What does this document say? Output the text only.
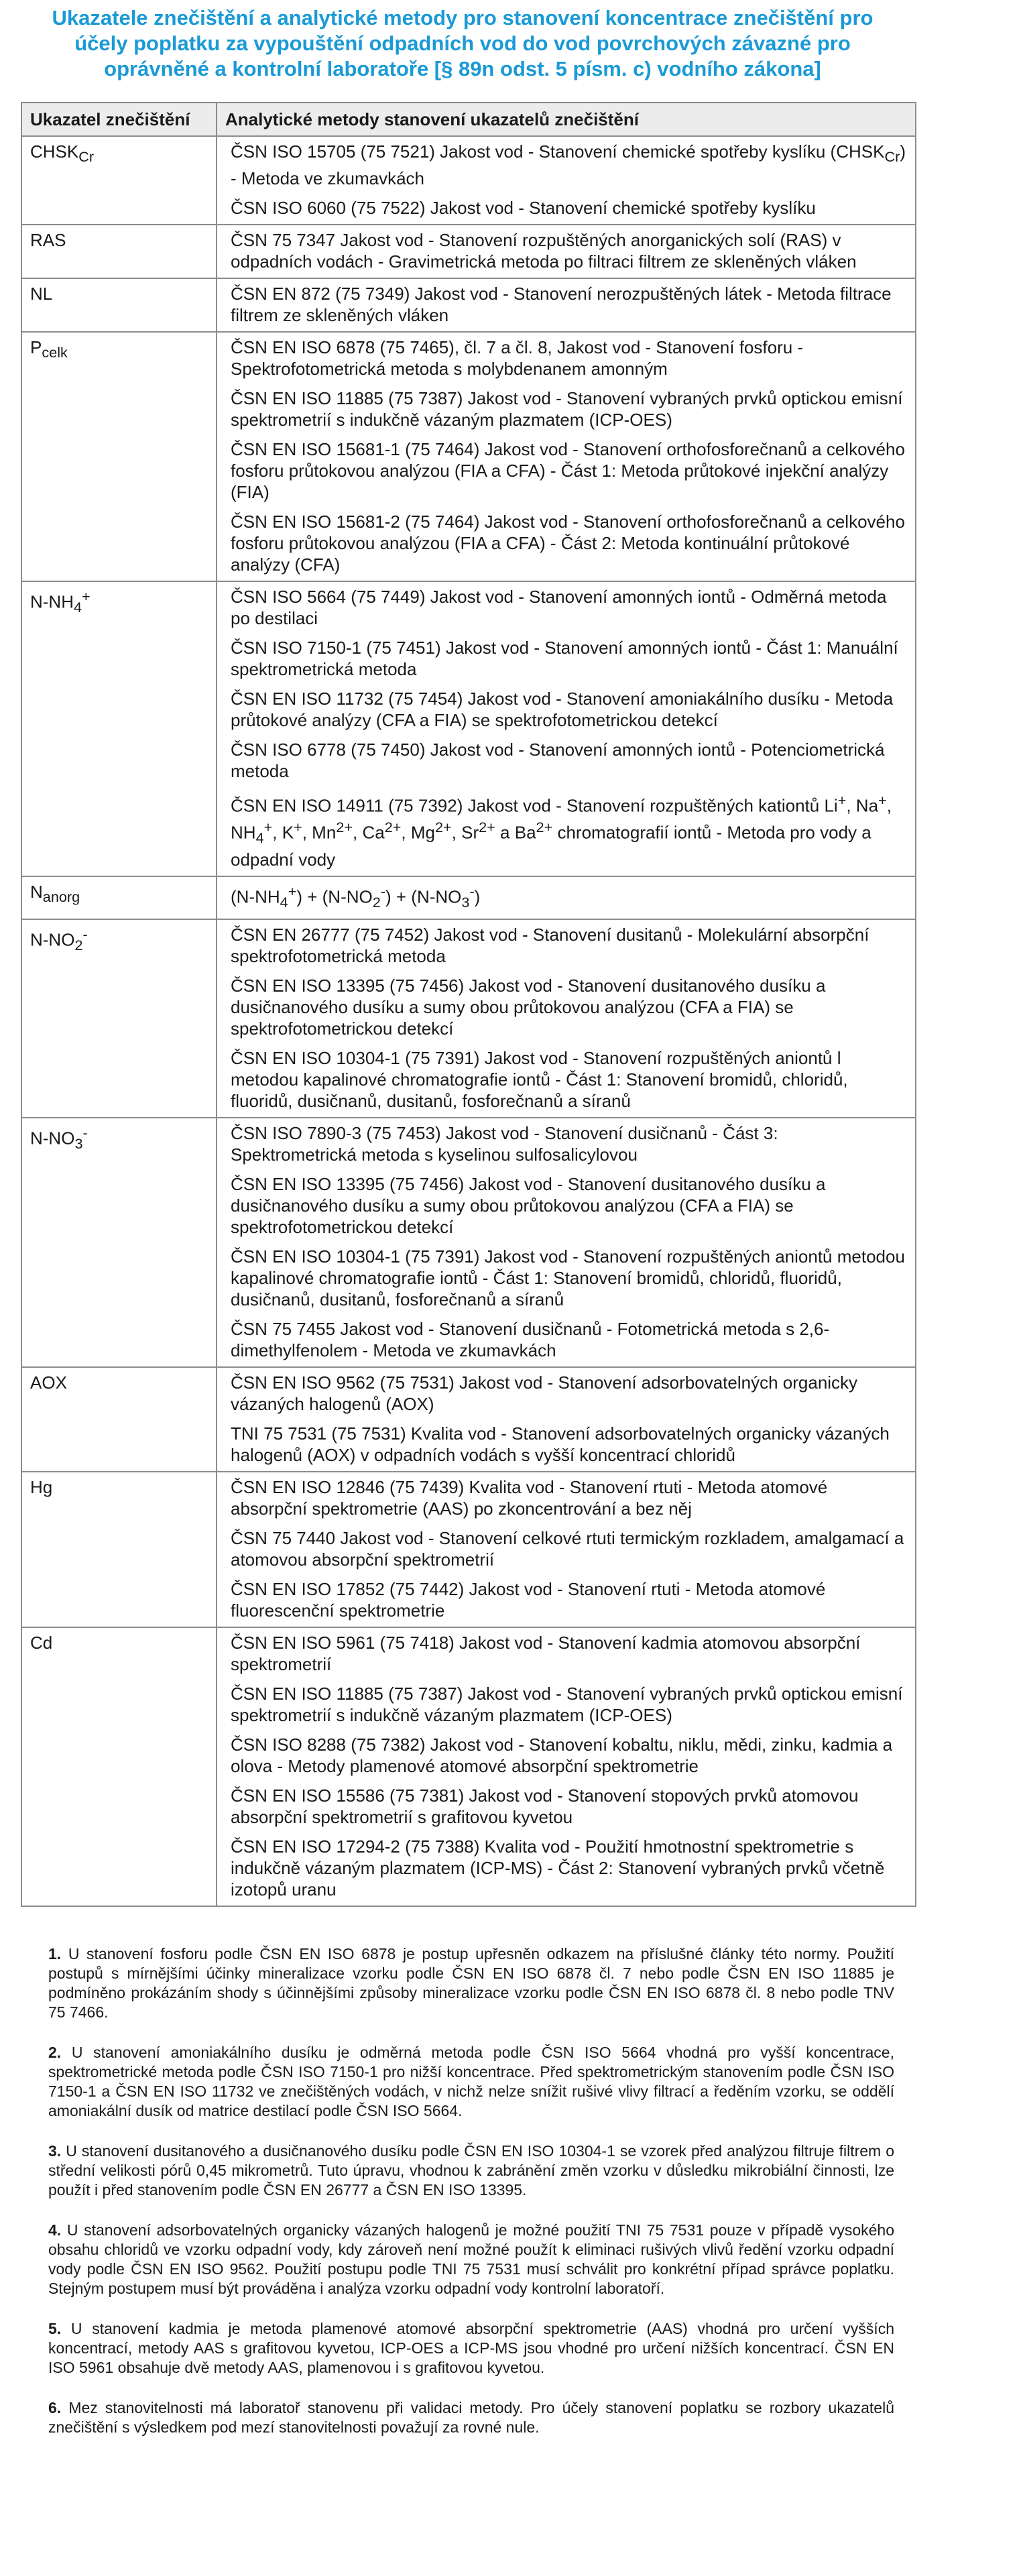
Ukazatele znečištění a analytické metody pro stanovení koncentrace znečištění pro účely poplatku za vypouštění odpadních vod do vod povrchových závazné pro oprávněné a kontrolní laboratoře [§ 89n odst. 5 písm. c) vodního zákona]
Ukazatel znečištění	Analytické metody stanovení ukazatelů znečištění
$CHSK_{Cr}$	ČSN ISO 15705 (75 7521) Jakost vod - Stanovení chemické spotřeby kyslíku $(CHSK_{Cr})$ - Metoda ve zkumavkách
ČSN ISO 6060 (75 7522) Jakost vod - Stanovení chemické spotřeby kyslíku

RAS	ČSN 75 7347 Jakost vod - Stanovení rozpuštěných anorganických solí (RAS) v odpadních vodách - Gravimetrická metoda po filtraci filtrem ze skleněných vláken

NL	ČSN EN 872 (75 7349) Jakost vod - Stanovení nerozpuštěných látek - Metoda filtrace filtrem ze skleněných vláken

$P_{celk}$	ČSN EN ISO 6878 (75 7465), čl. 7 a čl. 8, Jakost vod - Stanovení fosforu - Spektrofotometrická metoda s molybdenanem amonným
ČSN EN ISO 11885 (75 7387) Jakost vod - Stanovení vybraných prvků optickou emisní spektrometrií s indukčně vázaným plazmatem (ICP-OES)
ČSN EN ISO 15681-1 (75 7464) Jakost vod - Stanovení orthofosforečnanů a celkového fosforu průtokovou analýzou (FIA a CFA) - Část 1: Metoda průtokové injekční analýzy (FIA)
ČSN EN ISO 15681-2 (75 7464) Jakost vod - Stanovení orthofosforečnanů a celkového fosforu průtokovou analýzou (FIA a CFA) - Část 2: Metoda kontinuální průtokové analýzy (CFA)

$N-NH_4^+$	ČSN ISO 5664 (75 7449) Jakost vod - Stanovení amonných iontů - Odměrná metoda po destilaci
ČSN ISO 7150-1 (75 7451) Jakost vod - Stanovení amonných iontů - Část 1: Manuální spektrometrická metoda
ČSN EN ISO 11732 (75 7454) Jakost vod - Stanovení amoniakálního dusíku - Metoda průtokové analýzy (CFA a FIA) se spektrofotometrickou detekcí
ČSN ISO 6778 (75 7450) Jakost vod - Stanovení amonných iontů - Potenciometrická metoda
ČSN EN ISO 14911 (75 7392) Jakost vod - Stanovení rozpuštěných kationtů Li+, Na+, $NH_4^+$, K+, $Mn^{2+}$, $Ca^{2+}$, $Mg^{2+}$, $Sr^{2+}$ a $Ba^{2+}$ chromatografií iontů - Metoda pro vody a odpadní vody

$N_{anorg}$	$(N-NH_4^+) + (N-NO_2^-) + (N-NO_3^-)$

$N-NO_2^-$	ČSN EN 26777 (75 7452) Jakost vod - Stanovení dusitanů - Molekulární absorpční spektrofotometrická metoda
ČSN EN ISO 13395 (75 7456) Jakost vod - Stanovení dusitanového dusíku a dusičnanového dusíku a sumy obou průtokovou analýzou (CFA a FIA) se spektrofotometrickou detekcí
ČSN EN ISO 10304-1 (75 7391) Jakost vod - Stanovení rozpuštěných aniontů l metodou kapalinové chromatografie iontů - Část 1: Stanovení bromidů, chloridů, fluoridů, dusičnanů, dusitanů, fosforečnanů a síranů

$N-NO_3^-$	ČSN ISO 7890-3 (75 7453) Jakost vod - Stanovení dusičnanů - Část 3: Spektrometrická metoda s kyselinou sulfosalicylovou
ČSN EN ISO 13395 (75 7456) Jakost vod - Stanovení dusitanového dusíku a dusičnanového dusíku a sumy obou průtokovou analýzou (CFA a FIA) se spektrofotometrickou detekcí
ČSN EN ISO 10304-1 (75 7391) Jakost vod - Stanovení rozpuštěných aniontů metodou kapalinové chromatografie iontů - Část 1: Stanovení bromidů, chloridů, fluoridů, dusičnanů, dusitanů, fosforečnanů a síranů
ČSN 75 7455 Jakost vod - Stanovení dusičnanů - Fotometrická metoda s 2,6-dimethylfenolem - Metoda ve zkumavkách

AOX	ČSN EN ISO 9562 (75 7531) Jakost vod - Stanovení adsorbovatelných organicky vázaných halogenů (AOX)
TNI 75 7531 (75 7531) Kvalita vod - Stanovení adsorbovatelných organicky vázaných halogenů (AOX) v odpadních vodách s vyšší koncentrací chloridů

Hg	ČSN EN ISO 12846 (75 7439) Kvalita vod - Stanovení rtuti - Metoda atomové absorpční spektrometrie (AAS) po zkoncentrování a bez něj
ČSN 75 7440 Jakost vod - Stanovení celkové rtuti termickým rozkladem, amalgamací a atomovou absorpční spektrometrií
ČSN EN ISO 17852 (75 7442) Jakost vod - Stanovení rtuti - Metoda atomové fluorescenční spektrometrie

Cd	ČSN EN ISO 5961 (75 7418) Jakost vod - Stanovení kadmia atomovou absorpční spektrometrií
ČSN EN ISO 11885 (75 7387) Jakost vod - Stanovení vybraných prvků optickou emisní spektrometrií s indukčně vázaným plazmatem (ICP-OES)
ČSN ISO 8288 (75 7382) Jakost vod - Stanovení kobaltu, niklu, mědi, zinku, kadmia a olova - Metody plamenové atomové absorpční spektrometrie
ČSN EN ISO 15586 (75 7381) Jakost vod - Stanovení stopových prvků atomovou absorpční spektrometrií s grafitovou kyvetou
ČSN EN ISO 17294-2 (75 7388) Kvalita vod - Použití hmotnostní spektrometrie s indukčně vázaným plazmatem (ICP-MS) - Část 2: Stanovení vybraných prvků včetně izotopů uranu
1. U stanovení fosforu podle ČSN EN ISO 6878 je postup upřesněn odkazem na příslušné články této normy. Použití postupů s mírnějšími účinky mineralizace vzorku podle ČSN EN ISO 6878 čl. 7 nebo podle ČSN EN ISO 11885 je podmíněno prokázáním shody s účinnějšími způsoby mineralizace vzorku podle ČSN EN ISO 6878 čl. 8 nebo podle TNV 75 7466.
2. U stanovení amoniakálního dusíku je odměrná metoda podle ČSN ISO 5664 vhodná pro vyšší koncentrace, spektrometrické metoda podle ČSN ISO 7150-1 pro nižší koncentrace. Před spektrometrickým stanovením podle ČSN ISO 7150-1 a ČSN EN ISO 11732 ve znečištěných vodách, v nichž nelze snížit rušivé vlivy filtrací a ředěním vzorku, se oddělí amoniakální dusík od matrice destilací podle ČSN ISO 5664.
3. U stanovení dusitanového a dusičnanového dusíku podle ČSN EN ISO 10304-1 se vzorek před analýzou filtruje filtrem o střední velikosti pórů 0,45 mikrometrů. Tuto úpravu, vhodnou k zabránění změn vzorku v důsledku mikrobiální činnosti, lze použít i před stanovením podle ČSN EN 26777 a ČSN EN ISO 13395.
4. U stanovení adsorbovatelných organicky vázaných halogenů je možné použití TNI 75 7531 pouze v případě vysokého obsahu chloridů ve vzorku odpadní vody, kdy zároveň není možné použít k eliminaci rušivých vlivů ředění vzorku odpadní vody podle ČSN EN ISO 9562. Použití postupu podle TNI 75 7531 musí schválit pro konkrétní případ správce poplatku. Stejným postupem musí být prováděna i analýza vzorku odpadní vody kontrolní laboratoří.
5. U stanovení kadmia je metoda plamenové atomové absorpční spektrometrie (AAS) vhodná pro určení vyšších koncentrací, metody AAS s grafitovou kyvetou, ICP-OES a ICP-MS jsou vhodné pro určení nižších koncentrací. ČSN EN ISO 5961 obsahuje dvě metody AAS, plamenovou i s grafitovou kyvetou.
6. Mez stanovitelnosti má laboratoř stanovenu při validaci metody. Pro účely stanovení poplatku se rozbory ukazatelů znečištění s výsledkem pod mezí stanovitelnosti považují za rovné nule.
